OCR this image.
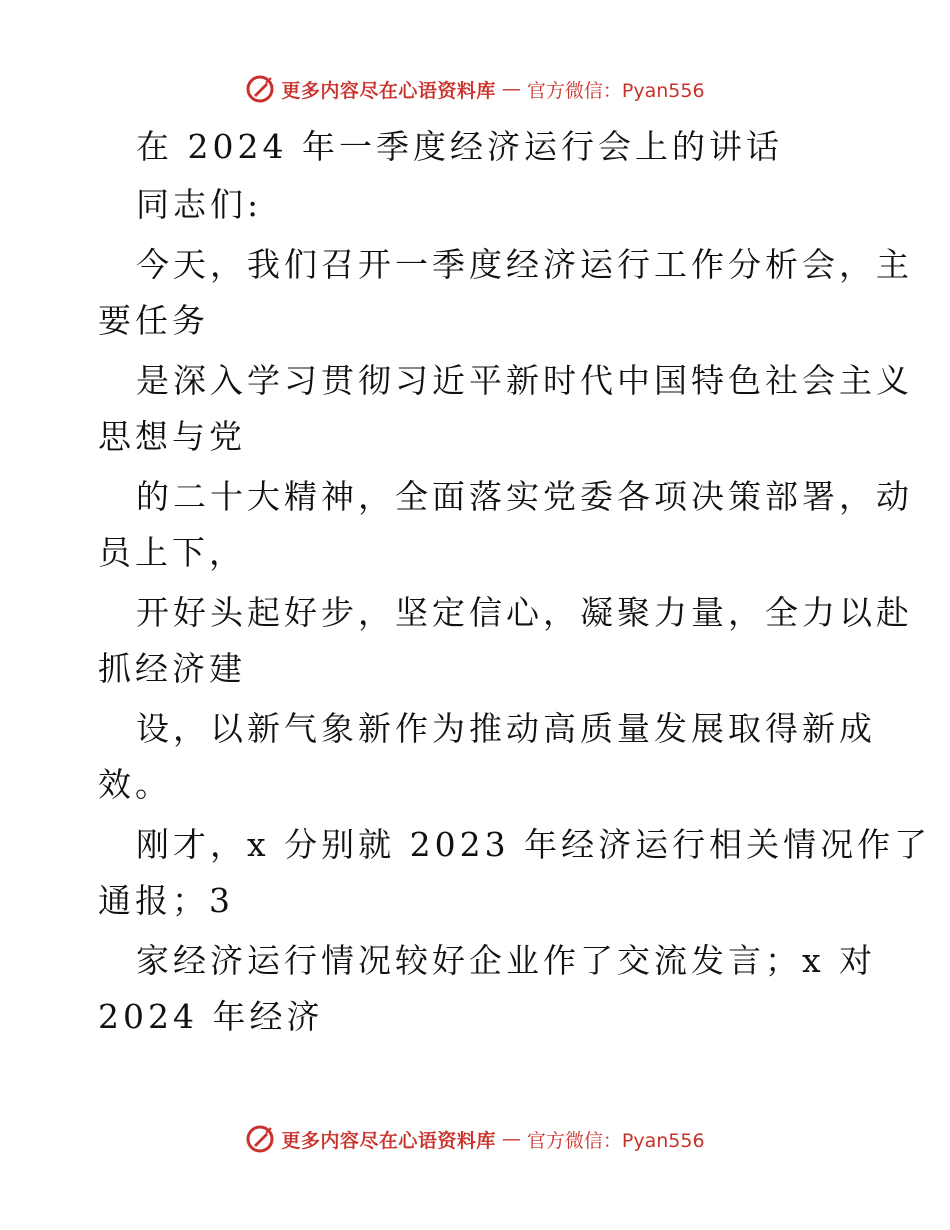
更多内容尽在心语资料库 — 官方微信：Pyan556
在 2024 年一季度经济运行会上的讲话
同志们:
今天，我们召开一季度经济运行工作分析会，主
要任务
是深入学习贯彻习近平新时代中国特色社会主义
思想与党
的二十大精神，全面落实党委各项决策部署，动
员上下，
开好头起好步，坚定信心，凝聚力量，全力以赴
抓经济建
设，以新气象新作为推动高质量发展取得新成
效。
刚才，x 分别就 2023 年经济运行相关情况作了
通报；3
家经济运行情况较好企业作了交流发言；x 对
2024 年经济
更多内容尽在心语资料库 — 官方微信：Pyan556
